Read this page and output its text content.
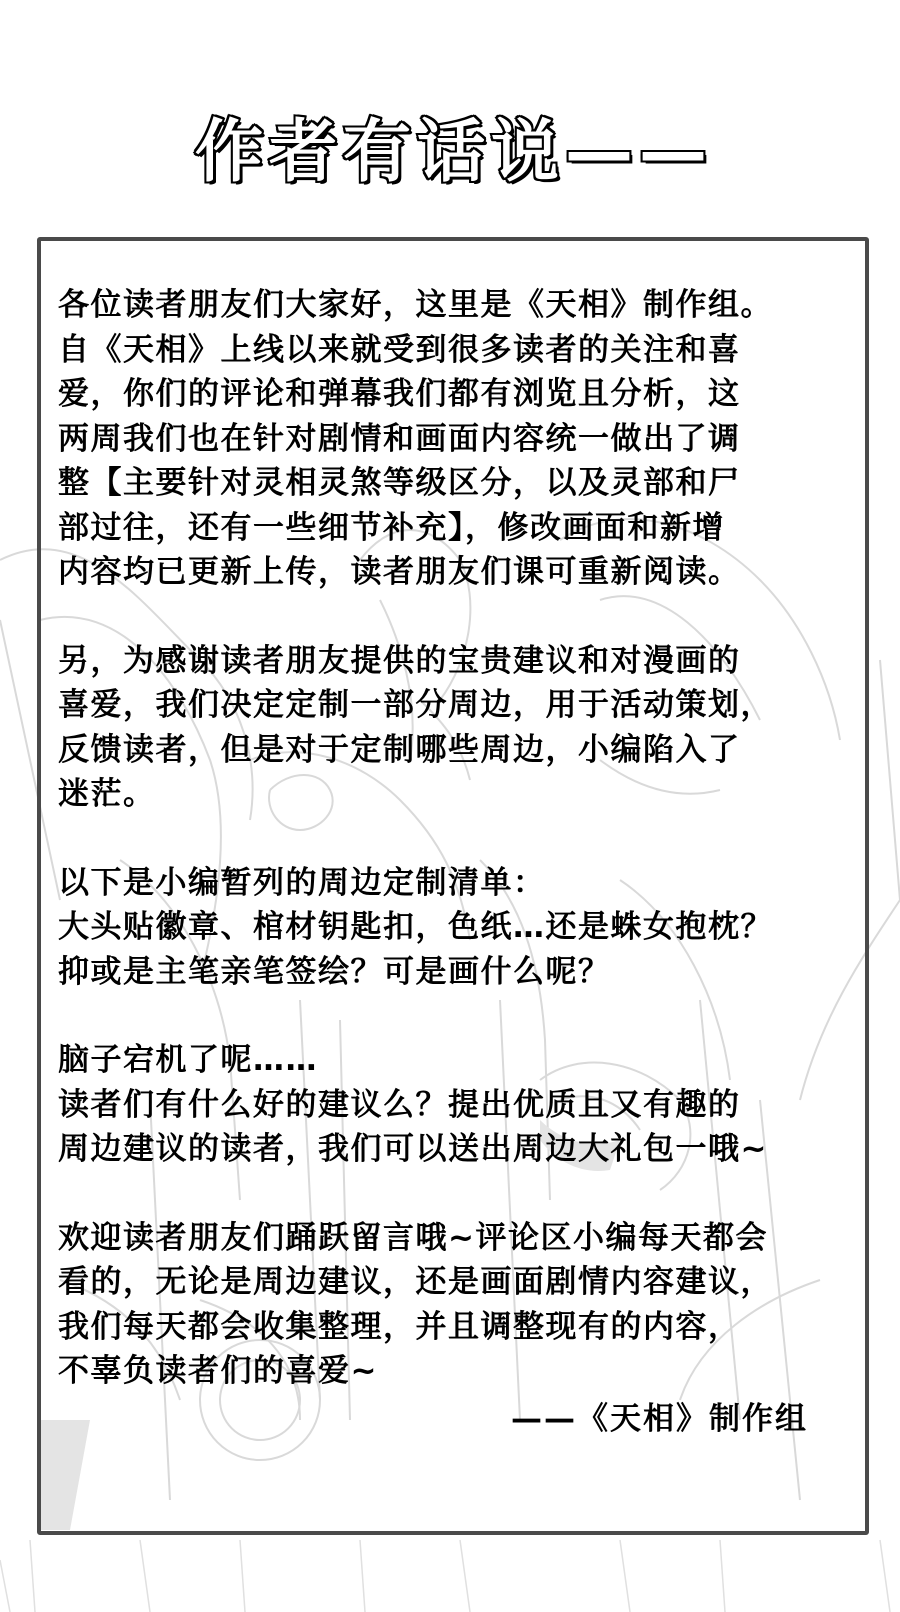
作者有话说——
各位读者朋友们大家好，这里是《天相》制作组。
自《天相》上线以来就受到很多读者的关注和喜
爱，你们的评论和弹幕我们都有浏览且分析，这
两周我们也在针对剧情和画面内容统一做出了调
整【主要针对灵相灵煞等级区分，以及灵部和尸
部过往，还有一些细节补充】，修改画面和新增
内容均已更新上传，读者朋友们课可重新阅读。
另，为感谢读者朋友提供的宝贵建议和对漫画的
喜爱，我们决定定制一部分周边，用于活动策划，
反馈读者，但是对于定制哪些周边，小编陷入了
迷茫。
以下是小编暂列的周边定制清单：
大头贴徽章、棺材钥匙扣，色纸…还是蛛女抱枕？
抑或是主笔亲笔签绘？可是画什么呢？
脑子宕机了呢……
读者们有什么好的建议么？提出优质且又有趣的
周边建议的读者，我们可以送出周边大礼包一哦~
欢迎读者朋友们踊跃留言哦~评论区小编每天都会
看的，无论是周边建议，还是画面剧情内容建议，
我们每天都会收集整理，并且调整现有的内容，
不辜负读者们的喜爱~
——《天相》制作组
